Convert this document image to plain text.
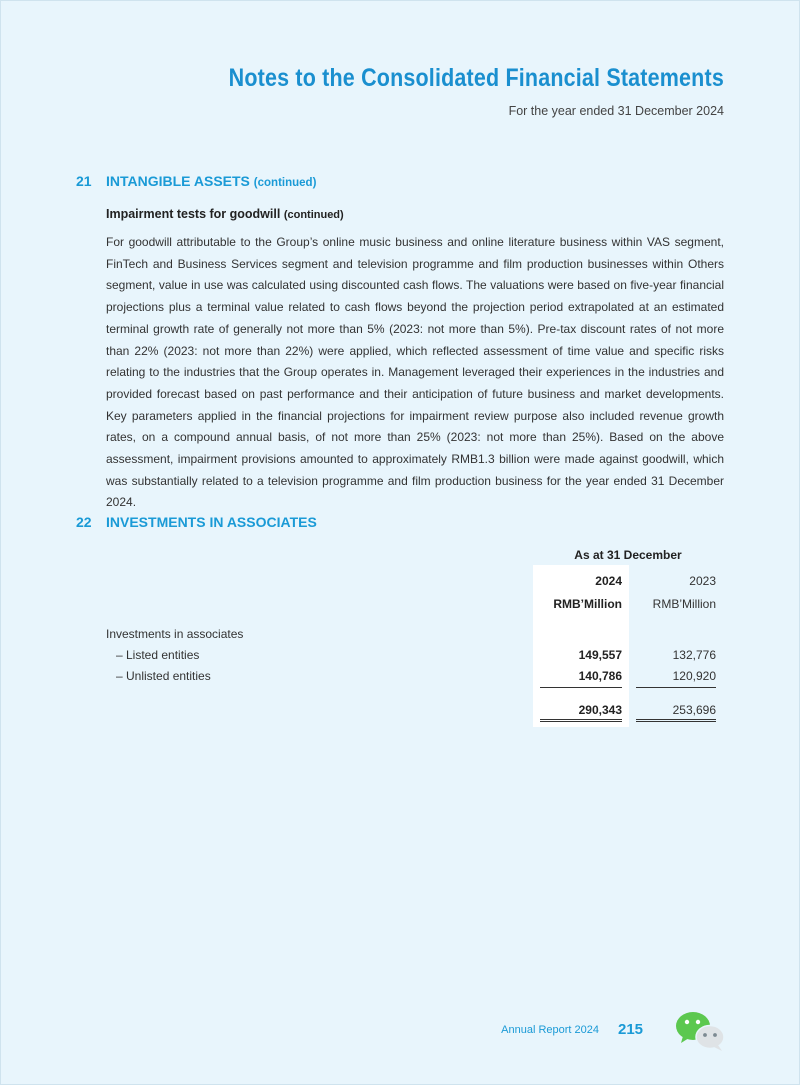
Notes to the Consolidated Financial Statements
For the year ended 31 December 2024
21 INTANGIBLE ASSETS (continued)
Impairment tests for goodwill (continued)

For goodwill attributable to the Group’s online music business and online literature business within VAS segment, FinTech and Business Services segment and television programme and film production businesses within Others segment, value in use was calculated using discounted cash flows. The valuations were based on five-year financial projections plus a terminal value related to cash flows beyond the projection period extrapolated at an estimated terminal growth rate of generally not more than 5% (2023: not more than 5%). Pre-tax discount rates of not more than 22% (2023: not more than 22%) were applied, which reflected assessment of time value and specific risks relating to the industries that the Group operates in. Management leveraged their experiences in the industries and provided forecast based on past performance and their anticipation of future business and market developments. Key parameters applied in the financial projections for impairment review purpose also included revenue growth rates, on a compound annual basis, of not more than 25% (2023: not more than 25%). Based on the above assessment, impairment provisions amounted to approximately RMB1.3 billion were made against goodwill, which was substantially related to a television programme and film production business for the year ended 31 December 2024.

22 INVESTMENTS IN ASSOCIATES
As at 31 December
2024	2023
RMB’Million	RMB’Million
Investments in associates
– Listed entities	149,557	132,776
– Unlisted entities	140,786	120,920
290,343	253,696
Annual Report 2024 215
